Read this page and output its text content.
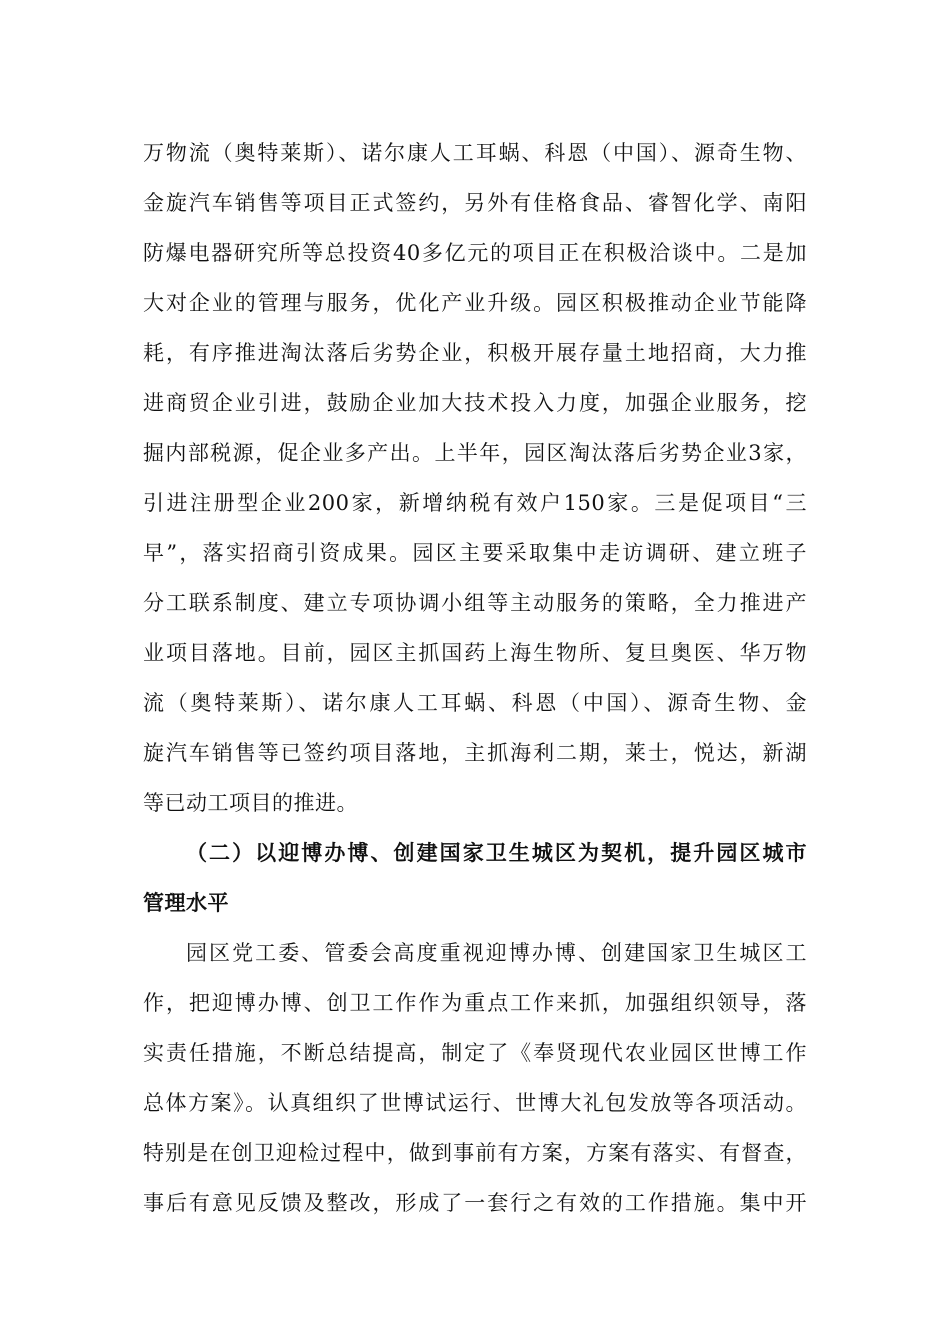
万物流（奥特莱斯）、诺尔康人工耳蜗、科恩（中国）、源奇生物、
金旋汽车销售等项目正式签约，另外有佳格食品、睿智化学、南阳
防爆电器研究所等总投资40多亿元的项目正在积极洽谈中。二是加
大对企业的管理与服务，优化产业升级。园区积极推动企业节能降
耗，有序推进淘汰落后劣势企业，积极开展存量土地招商，大力推
进商贸企业引进，鼓励企业加大技术投入力度，加强企业服务，挖
掘内部税源，促企业多产出。上半年，园区淘汰落后劣势企业3家，
引进注册型企业200家，新增纳税有效户150家。三是促项目“三
早”，落实招商引资成果。园区主要采取集中走访调研、建立班子
分工联系制度、建立专项协调小组等主动服务的策略，全力推进产
业项目落地。目前，园区主抓国药上海生物所、复旦奥医、华万物
流（奥特莱斯）、诺尔康人工耳蜗、科恩（中国）、源奇生物、金
旋汽车销售等已签约项目落地，主抓海利二期，莱士，悦达，新湖
等已动工项目的推进。
（二）以迎博办博、创建国家卫生城区为契机，提升园区城市
管理水平
园区党工委、管委会高度重视迎博办博、创建国家卫生城区工
作，把迎博办博、创卫工作作为重点工作来抓，加强组织领导，落
实责任措施，不断总结提高，制定了《奉贤现代农业园区世博工作
总体方案》。认真组织了世博试运行、世博大礼包发放等各项活动。
特别是在创卫迎检过程中，做到事前有方案，方案有落实、有督查，
事后有意见反馈及整改，形成了一套行之有效的工作措施。集中开
